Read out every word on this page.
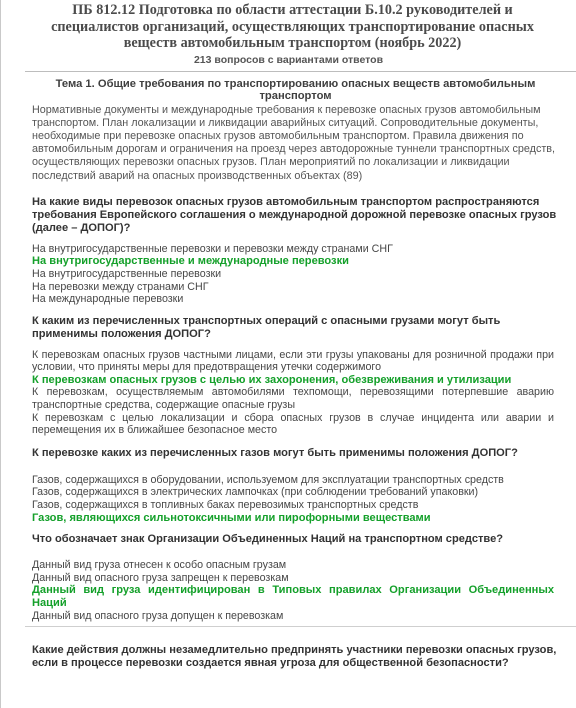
ПБ 812.12 Подготовка по области аттестации Б.10.2 руководителей и специалистов организаций, осуществляющих транспортирование опасных веществ автомобильным транспортом (ноябрь 2022)
213 вопросов с вариантами ответов
Тема 1. Общие требования по транспортированию опасных веществ автомобильным транспортом
Нормативные документы и международные требования к перевозке опасных грузов автомобильным транспортом. План локализации и ликвидации аварийных ситуаций. Сопроводительные документы, необходимые при перевозке опасных грузов автомобильным транспортом. Правила движения по автомобильным дорогам и ограничения на проезд через автодорожные туннели транспортных средств, осуществляющих перевозки опасных грузов. План мероприятий по локализации и ликвидации последствий аварий на опасных производственных объектах (89)
На какие виды перевозок опасных грузов автомобильным транспортом распространяются требования Европейского соглашения о международной дорожной перевозке опасных грузов (далее – ДОПОГ)?
На внутригосударственные перевозки и перевозки между странами СНГ
На внутригосударственные и международные перевозки
На внутригосударственные перевозки
На перевозки между странами СНГ
На международные перевозки
К каким из перечисленных транспортных операций с опасными грузами могут быть применимы положения ДОПОГ?
К перевозкам опасных грузов частными лицами, если эти грузы упакованы для розничной продажи при условии, что приняты меры для предотвращения утечки содержимого
К перевозкам опасных грузов с целью их захоронения, обезвреживания и утилизации
К перевозкам, осуществляемым автомобилями техпомощи, перевозящими потерпевшие аварию транспортные средства, содержащие опасные грузы
К перевозкам с целью локализации и сбора опасных грузов в случае инцидента или аварии и перемещения их в ближайшее безопасное место
К перевозке каких из перечисленных газов могут быть применимы положения ДОПОГ?
Газов, содержащихся в оборудовании, используемом для эксплуатации транспортных средств
Газов, содержащихся в электрических лампочках (при соблюдении требований упаковки)
Газов, содержащихся в топливных баках перевозимых транспортных средств
Газов, являющихся сильнотоксичными или пирофорными веществами
Что обозначает знак Организации Объединенных Наций на транспортном средстве?
Данный вид груза отнесен к особо опасным грузам
Данный вид опасного груза запрещен к перевозкам
Данный вид груза идентифицирован в Типовых правилах Организации Объединенных Наций
Данный вид опасного груза допущен к перевозкам
Какие действия должны незамедлительно предпринять участники перевозки опасных грузов, если в процессе перевозки создается явная угроза для общественной безопасности?
